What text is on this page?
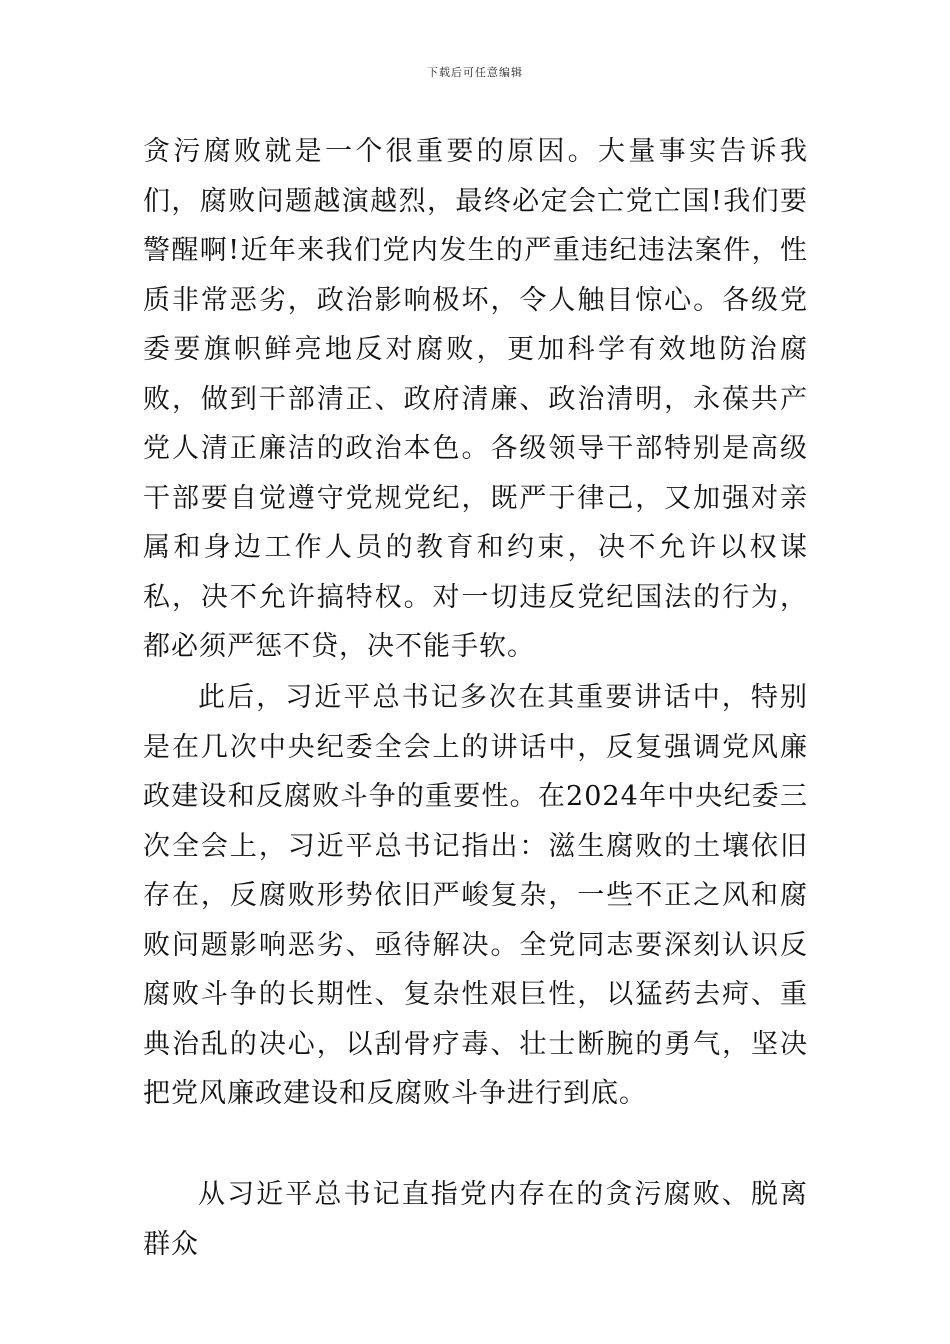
下载后可任意编辑

贪污腐败就是一个很重要的原因。大量事实告诉我们，腐败问题越演越烈，最终必定会亡党亡国!我们要警醒啊!近年来我们党内发生的严重违纪违法案件，性质非常恶劣，政治影响极坏，令人触目惊心。各级党委要旗帜鲜亮地反对腐败，更加科学有效地防治腐败，做到干部清正、政府清廉、政治清明，永葆共产党人清正廉洁的政治本色。各级领导干部特别是高级干部要自觉遵守党规党纪，既严于律己，又加强对亲属和身边工作人员的教育和约束，决不允许以权谋私，决不允许搞特权。对一切违反党纪国法的行为，都必须严惩不贷，决不能手软。

此后，习近平总书记多次在其重要讲话中，特别是在几次中央纪委全会上的讲话中，反复强调党风廉政建设和反腐败斗争的重要性。在2024年中央纪委三次全会上，习近平总书记指出：滋生腐败的土壤依旧存在，反腐败形势依旧严峻复杂，一些不正之风和腐败问题影响恶劣、亟待解决。全党同志要深刻认识反腐败斗争的长期性、复杂性艰巨性，以猛药去疴、重典治乱的决心，以刮骨疗毒、壮士断腕的勇气，坚决把党风廉政建设和反腐败斗争进行到底。

从习近平总书记直指党内存在的贪污腐败、脱离群众
